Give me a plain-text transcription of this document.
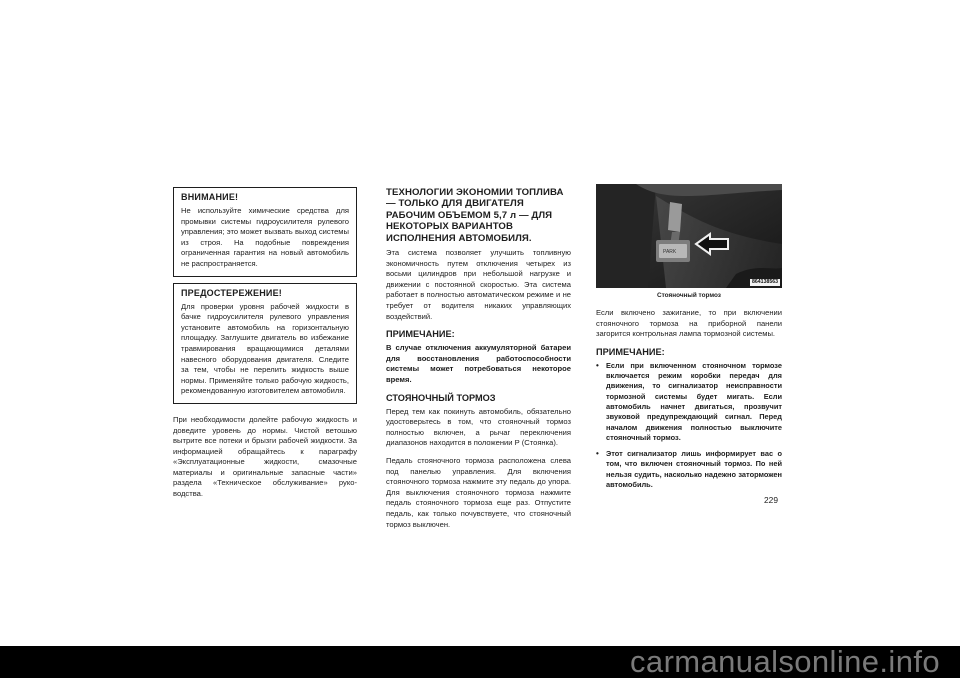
ВНИМАНИЕ!

Не используйте химические средства для промывки системы гидроусилителя рулевого управления; это может вызвать выход системы из строя. На подобные повреждения ограниченная гарантия на новый автомобиль не распространяется.

ПРЕДОСТЕРЕЖЕНИЕ!

Для проверки уровня рабочей жидкости в бачке гидроусилителя рулевого управления установите автомобиль на горизонтальную площадку. Заглушите двигатель во избежание травмирования вращающимися деталями навесного оборудования двигателя. Следите за тем, чтобы не перелить жидкость выше нормы. Применяйте только рабочую жидкость, рекомендованную изготовителем автомобиля.

При необходимости долейте рабочую жидкость и доведите уровень до нормы. Чистой ветошью вытрите все потеки и брызги рабочей жидкости. За информацией обращайтесь к параграфу «Эксплуатационные жидкости, смазочные материалы и оригинальные запасные части» раздела «Техническое обслуживание» руководства.

ТЕХНОЛОГИИ ЭКОНОМИИ ТОПЛИВА — ТОЛЬКО ДЛЯ ДВИГАТЕЛЯ РАБОЧИМ ОБЪЕМОМ 5,7 л — ДЛЯ НЕКОТОРЫХ ВАРИАНТОВ ИСПОЛНЕНИЯ АВТОМОБИЛЯ.

Эта система позволяет улучшить топливную экономичность путем отключения четырех из восьми цилиндров при небольшой нагрузке и движении с постоянной скоростью. Эта система работает в полностью автоматическом режиме и не требует от водителя никаких управляющих воздействий.

ПРИМЕЧАНИЕ:

В случае отключения аккумуляторной батареи для восстановления работоспособности системы может потребоваться некоторое время.

СТОЯНОЧНЫЙ ТОРМОЗ

Перед тем как покинуть автомобиль, обязательно удостоверьтесь в том, что стояночный тормоз полностью включен, а рычаг переключения диапазонов находится в положении P (Стоянка).

Педаль стояночного тормоза расположена слева под панелью управления. Для включения стояночного тормоза нажмите эту педаль до упора. Для выключения стояночного тормоза нажмите педаль стояночного тормоза еще раз. Отпустите педаль, как только почувствуете, что стояночный тормоз выключен.

PARK
864138563

Стояночный тормоз

Если включено зажигание, то при включении стояночного тормоза на приборной панели загорится контрольная лампа тормозной системы.

ПРИМЕЧАНИЕ:

• Если при включенном стояночном тормозе включается режим коробки передач для движения, то сигнализатор неисправности тормозной системы будет мигать. Если автомобиль начнет двигаться, прозвучит звуковой предупреждающий сигнал. Перед началом движения полностью выключите стояночный тормоз.
• Этот сигнализатор лишь информирует вас о том, что включен стояночный тормоз. По ней нельзя судить, насколько надежно заторможен автомобиль.
229
carmanualsonline.info
